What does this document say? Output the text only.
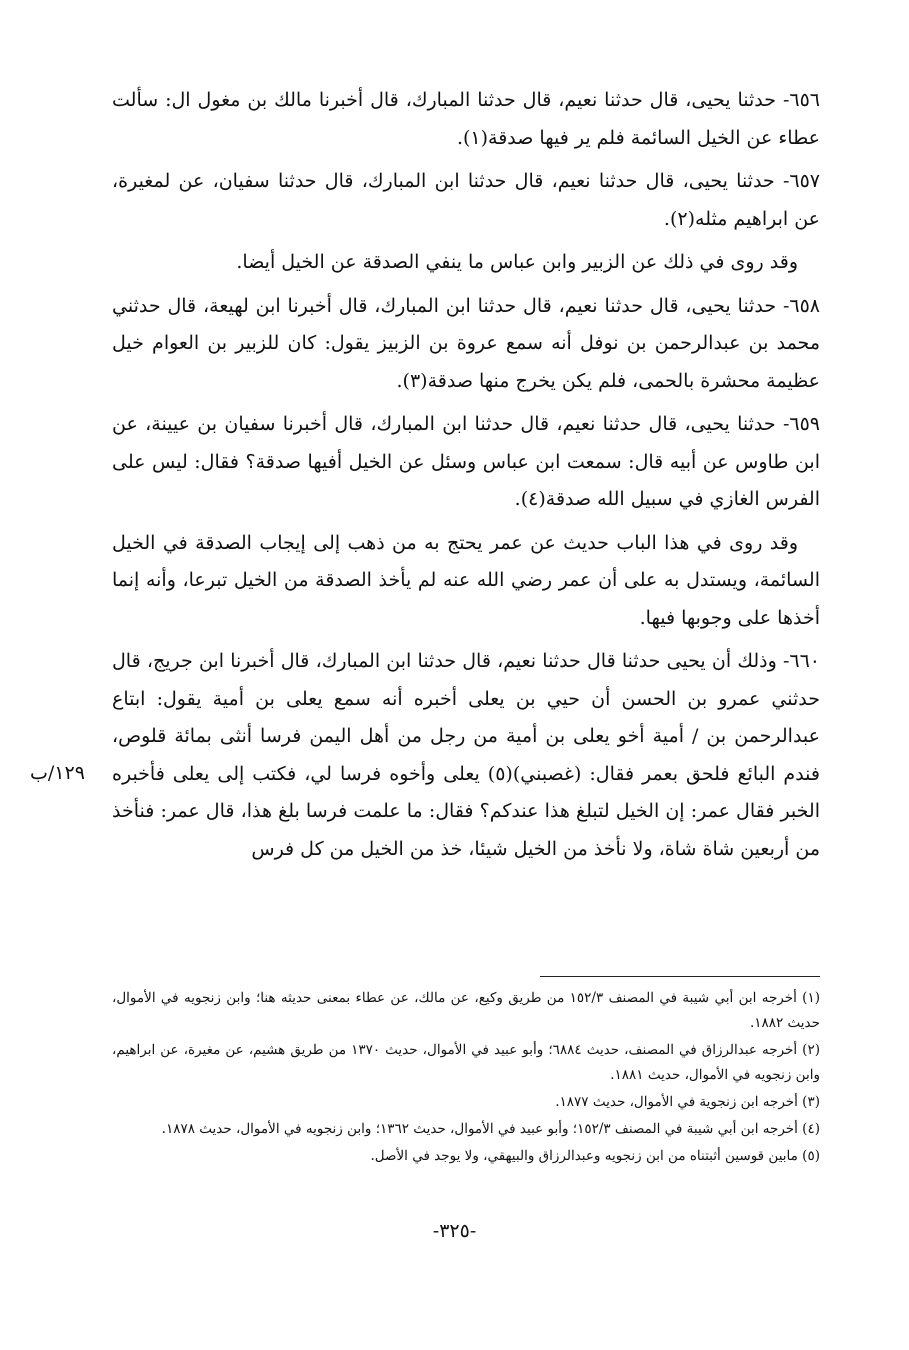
٦٥٦- حدثنا يحيى، قال حدثنا نعيم، قال حدثنا المبارك، قال أخبرنا مالك بن مغول ال: سألت عطاء عن الخيل السائمة فلم ير فيها صدقة(١).

٦٥٧- حدثنا يحيى، قال حدثنا نعيم، قال حدثنا ابن المبارك، قال حدثنا سفيان، عن لمغيرة، عن ابراهيم مثله(٢).

وقد روى في ذلك عن الزبير وابن عباس ما ينفي الصدقة عن الخيل أيضا.

٦٥٨- حدثنا يحيى، قال حدثنا نعيم، قال حدثنا ابن المبارك، قال أخبرنا ابن لهيعة، قال حدثني محمد بن عبدالرحمن بن نوفل أنه سمع عروة بن الزبيز يقول: كان للزبير بن العوام خيل عظيمة محشرة بالحمى، فلم يكن يخرج منها صدقة(٣).

٦٥٩- حدثنا يحيى، قال حدثنا نعيم، قال حدثنا ابن المبارك، قال أخبرنا سفيان بن عيينة، عن ابن طاوس عن أبيه قال: سمعت ابن عباس وسئل عن الخيل أفيها صدقة؟ فقال: ليس على الفرس الغازي في سبيل الله صدقة(٤).

وقد روى في هذا الباب حديث عن عمر يحتج به من ذهب إلى إيجاب الصدقة في الخيل السائمة، ويستدل به على أن عمر رضي الله عنه لم يأخذ الصدقة من الخيل تبرعا، وأنه إنما أخذها على وجوبها فيها.

٦٦٠- وذلك أن يحيى حدثنا قال حدثنا نعيم، قال حدثنا ابن المبارك، قال أخبرنا ابن جريج، قال حدثني عمرو بن الحسن أن حيي بن يعلى أخبره أنه سمع يعلى بن أمية يقول: ابتاع عبدالرحمن بن / أمية أخو يعلى بن أمية من رجل من أهل اليمن فرسا أنثى بمائة قلوص، فندم البائع فلحق بعمر فقال: (غصبني)(٥) يعلى وأخوه فرسا لي، فكتب إلى يعلى فأخبره الخبر فقال عمر: إن الخيل لتبلغ هذا عندكم؟ فقال: ما علمت فرسا بلغ هذا، قال عمر: فنأخذ من أربعين شاة شاة، ولا نأخذ من الخيل شيئا، خذ من الخيل من كل فرس

١٢٩/ب
(١) أخرجه ابن أبي شيبة في المصنف ١٥٢/٣ من طريق وكيع، عن مالك، عن عطاء بمعنى حديثه هنا؛ وابن زنجويه في الأموال، حديث ١٨٨٢.
(٢) أخرجه عبدالرزاق في المصنف، حديث ٦٨٨٤؛ وأبو عبيد في الأموال، حديث ١٣٧٠ من طريق هشيم، عن مغيرة، عن ابراهيم، وابن زنجويه في الأموال، حديث ١٨٨١.
(٣) أخرجه ابن زنجوية في الأموال، حديث ١٨٧٧.
(٤) أخرجه ابن أبي شيبة في المصنف ١٥٢/٣؛ وأبو عبيد في الأموال، حديث ١٣٦٢؛ وابن زنجويه في الأموال، حديث ١٨٧٨.
(٥) مابين قوسين أثبتناه من ابن زنجويه وعبدالرزاق والبيهقي، ولا يوجد في الأصل.
-٣٢٥-
